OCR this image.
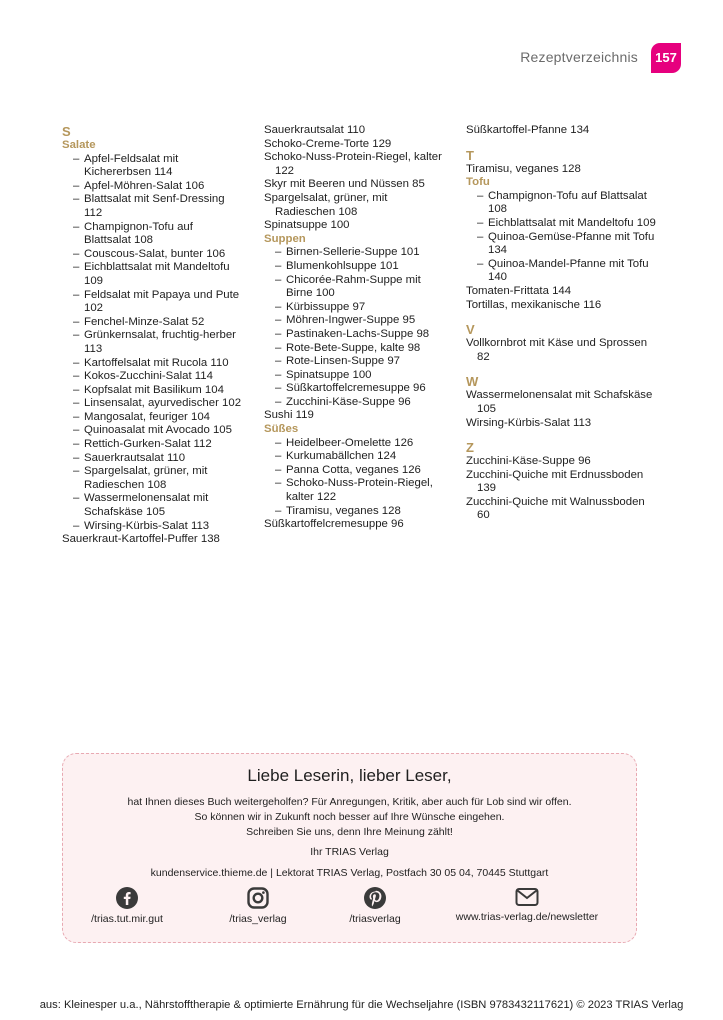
Rezeptverzeichnis	157
S
Salate
– Apfel-Feldsalat mit Kichererbsen 114
– Apfel-Möhren-Salat 106
– Blattsalat mit Senf-Dressing 112
– Champignon-Tofu auf Blattsalat 108
– Couscous-Salat, bunter 106
– Eichblattsalat mit Mandeltofu 109
– Feldsalat mit Papaya und Pute 102
– Fenchel-Minze-Salat 52
– Grünkernsalat, fruchtig-herber 113
– Kartoffelsalat mit Rucola 110
– Kokos-Zucchini-Salat 114
– Kopfsalat mit Basilikum 104
– Linsensalat, ayurvedischer 102
– Mangosalat, feuriger 104
– Quinoasalat mit Avocado 105
– Rettich-Gurken-Salat 112
– Sauerkrautsalat 110
– Spargelsalat, grüner, mit Radieschen 108
– Wassermelonensalat mit Schafskäse 105
– Wirsing-Kürbis-Salat 113
Sauerkraut-Kartoffel-Puffer 138
Sauerkrautsalat 110
Schoko-Creme-Torte 129
Schoko-Nuss-Protein-Riegel, kalter 122
Skyr mit Beeren und Nüssen 85
Spargelsalat, grüner, mit Radieschen 108
Spinatsuppe 100
Suppen
– Birnen-Sellerie-Suppe 101
– Blumenkohlsuppe 101
– Chicorée-Rahm-Suppe mit Birne 100
– Kürbissuppe 97
– Möhren-Ingwer-Suppe 95
– Pastinaken-Lachs-Suppe 98
– Rote-Bete-Suppe, kalte 98
– Rote-Linsen-Suppe 97
– Spinatsuppe 100
– Süßkartoffelcremesuppe 96
– Zucchini-Käse-Suppe 96
Sushi 119
Süßes
– Heidelbeer-Omelette 126
– Kurkumabällchen 124
– Panna Cotta, veganes 126
– Schoko-Nuss-Protein-Riegel, kalter 122
– Tiramisu, veganes 128
Süßkartoffelcremesuppe 96
Süßkartoffel-Pfanne 134
T
Tiramisu, veganes 128
Tofu
– Champignon-Tofu auf Blattsalat 108
– Eichblattsalat mit Mandeltofu 109
– Quinoa-Gemüse-Pfanne mit Tofu 134
– Quinoa-Mandel-Pfanne mit Tofu 140
Tomaten-Frittata 144
Tortillas, mexikanische 116
V
Vollkornbrot mit Käse und Sprossen 82
W
Wassermelonensalat mit Schafskäse 105
Wirsing-Kürbis-Salat 113
Z
Zucchini-Käse-Suppe 96
Zucchini-Quiche mit Erdnussboden 139
Zucchini-Quiche mit Walnussboden 60
Liebe Leserin, lieber Leser,
hat Ihnen dieses Buch weitergeholfen? Für Anregungen, Kritik, aber auch für Lob sind wir offen.
So können wir in Zukunft noch besser auf Ihre Wünsche eingehen.
Schreiben Sie uns, denn Ihre Meinung zählt!
Ihr TRIAS Verlag
kundenservice.thieme.de | Lektorat TRIAS Verlag, Postfach 30 05 04, 70445 Stuttgart
/trias.tut.mir.gut	/trias_verlag	/triasverlag	www.trias-verlag.de/newsletter
aus: Kleinesper u.a., Nährstofftherapie & optimierte Ernährung für die Wechseljahre (ISBN 9783432117621) © 2023 TRIAS Verlag
